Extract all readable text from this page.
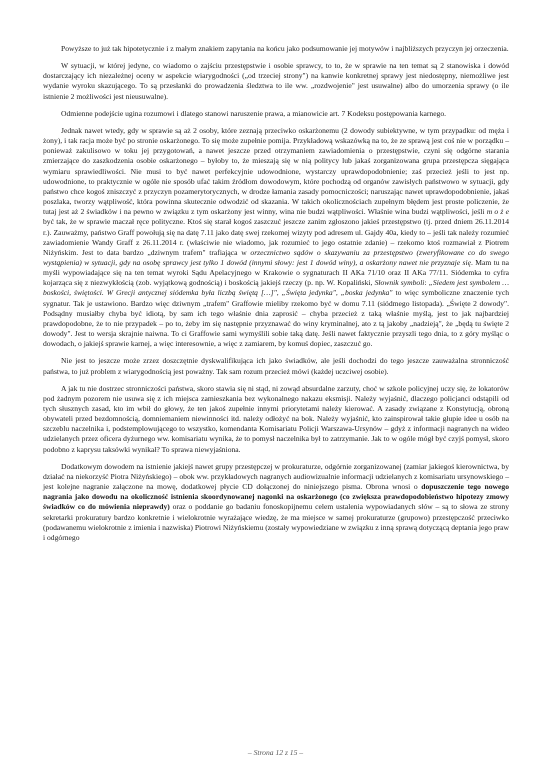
Powyższe to już tak hipotetycznie i z małym znakiem zapytania na końcu jako podsumowanie jej motywów i najbliższych przyczyn jej orzeczenia.

W sytuacji, w której jedyne, co wiadomo o zajściu przestępstwie i osobie sprawcy, to to, że w sprawie na ten temat są 2 stanowiska i dowód dostarczający ich niezależnej oceny w aspekcie wiarygodności („od trzeciej strony") na kanwie konkretnej sprawy jest niedostępny, niemożliwe jest wydanie wyroku skazującego. To są przesłanki do prowadzenia śledztwa to ile ww. „rozdwojenie" jest usuwalne) albo do umorzenia sprawy (o ile istnienie 2 możliwości jest nieusuwalne).

Odmienne podejście ugina rozumowi i dlatego stanowi naruszenie prawa, a mianowicie art. 7 Kodeksu postępowania karnego.

Jednak nawet wtedy, gdy w sprawie są aż 2 osoby, które zeznają przeciwko oskarżonemu (2 dowody subiektywne, w tym przypadku: od męża i żony), i tak racja może być po stronie oskarżonego. To się może zupełnie pomija. Przykładową wskazówką na to, że ze sprawą jest coś nie w porządku – ponieważ zakulisowo w toku jej przygotowań, a nawet jeszcze przed otrzymaniem zawiadomienia o przestępstwie, czyni się odgórne starania zmierzające do zaszkodzenia osobie oskarżonego – byłoby to, że mieszają się w nią politycy lub jakaś zorganizowana grupa przestępcza sięgająca wymiaru sprawiedliwości. Nie musi to być nawet perfekcyjnie udowodnione, wystarczy uprawdopodobnienie; zaś przecież jeśli to jest np. udowodnione, to praktycznie w ogóle nie sposób ufać takim źródłom dowodowym, które pochodzą od organów zawisłych państwowo w sytuacji, gdy państwo chce kogoś zniszczyć z przyczyn pozamerytorycznych, w drodze łamania zasady pomocniczości; naruszając nawet uprawdopodobnienie, jakaś poszlaka, tworzy wątpliwość, która powinna skutecznie odwodzić od skazania. W takich okolicznościach zupełnym błędem jest proste policzenie, że tutaj jest aż 2 świadków i na pewno w związku z tym oskarżony jest winny, wina nie budzi wątpliwości. Właśnie wina budzi wątpliwości, jeśli m o ż e być tak, że w sprawie maczał ręce polityczne. Ktoś się starał kogoś zaszczuć jeszcze zanim zgłoszono jakieś przestępstwo (tj. przed dniem 26.11.2014 r.). Zauważmy, państwo Graff powołują się na datę 7.11 jako datę swej rzekomej wizyty pod adresem ul. Gajdy 40a, kiedy to – jeśli tak należy rozumieć zawiadomienie Wandy Graff z 26.11.2014 r. (właściwie nie wiadomo, jak rozumieć to jego ostatnie zdanie) – rzekomo ktoś rozmawiał z Piotrem Niżyńskim. Jest to data bardzo „dziwnym trafem" trafiająca w orzecznictwo sądów o skazywaniu za przestępstwo (zweryfikowane co do swego wystąpienia) w sytuacji, gdy na osobę sprawcy jest tylko 1 dowód (innymi słowy: jest 1 dowód winy), a oskarżony nawet nie przyznaje się. Mam tu na myśli wypowiadające się na ten temat wyroki Sądu Apelacyjnego w Krakowie o sygnaturach II AKa 71/10 oraz II AKa 77/11. Siódemka to cyfra kojarząca się z niezwykłością (zob. wyjątkową godnością) i boskością jakiejś rzeczy (p. np. W. Kopaliński, Słownik symboli: „Siedem jest symbolem … boskości, świętości. W Grecji antycznej siódemka była liczbą świętą […]", „Święta jedynka", „boska jedynka" to więc symboliczne znaczenie tych sygnatur. Tak je ustawiono. Bardzo więc dziwnym „trafem" Graffowie mieliby rzekomo być w domu 7.11 (siódmego listopada). „Święte 2 dowody". Podsądny musiałby chyba być idiotą, by sam ich tego właśnie dnia zaprosić – chyba przecież z taką właśnie myślą, jest to jak najbardziej prawdopodobne, że to nie przypadek – po to, żeby im się następnie przyznawać do winy kryminalnej, ato z tą jakoby „nadzieją", że „będą tu święte 2 dowody". Jest to wersja skrajnie naiwna. To ci Graffowie sami wymyślili sobie taką datę. Jeśli nawet faktycznie przyszli tego dnia, to z góry myśląc o dowodach, o jakiejś sprawie karnej, a więc interesownie, a więc z zamiarem, by komuś dopiec, zaszczuć go.

Nie jest to jeszcze może zrzez doszczętnie dyskwalifikująca ich jako świadków, ale jeśli dochodzi do tego jeszcze zauważalna stronniczość państwa, to już problem z wiarygodnością jest poważny. Tak sam rozum przecież mówi (każdej uczciwej osobie).

A jak tu nie dostrzec stronniczości państwa, skoro stawia się ni stąd, ni zowąd absurdalne zarzuty, choć w szkole policyjnej uczy się, że lokatorów pod żadnym pozorem nie usuwa się z ich miejsca zamieszkania bez wykonalnego nakazu eksmisji. Należy wyjaśnić, dlaczego policjanci odstąpili od tych słusznych zasad, kto im wbił do głowy, że ten jakoś zupełnie innymi priorytetami należy kierować. A zasady związane z Konstytucją, obroną obywateli przed bezdomnością, domniemaniem niewinności itd. należy odłożyć na bok. Należy wyjaśnić, kto zainspirował takie głupie idee u osób na szczeblu naczelnika i, podstemplowującego to wszystko, komendanta Komisariatu Policji Warszawa-Ursynów – gdyż z informacji nagranych na wideo udzielanych przez oficera dyżurnego ww. komisariatu wynika, że to pomysł naczelnika był to zatrzymanie. Jak to w ogóle mógł być czyjś pomysł, skoro podobno z kaprysu taksówki wynikał? To sprawa niewyjaśniona.

Dodatkowym dowodem na istnienie jakiejś nawet grupy przestępczej w prokuraturze, odgórnie zorganizowanej (zamiar jakiegoś kierownictwa, by działać na niekorzyść Piotra Niżyńskiego) – obok ww. przykładowych nagranych audiowizualnie informacji udzielanych z komisariatu ursynowskiego – jest kolejne nagranie załączone na mowę, dodatkowej płycie CD dołączonej do niniejszego pisma. Obrona wnosi o dopuszczenie tego nowego nagrania jako dowodu na okoliczność istnienia skoordynowanej nagonki na oskarżonego (co zwiększa prawdopodobieństwo hipotezy zmowy świadków co do mówienia nieprawdy) oraz o poddanie go badaniu fonoskopijnemu celem ustalenia wypowiadanych słów – są to słowa ze strony sekretarki prokuratury bardzo konkretnie i wielokrotnie wyrażające wiedzę, że ma miejsce w samej prokuraturze (grupowo) przestępczość przeciwko (podawanemu wielokrotnie z imienia i nazwiska) Piotrowi Niżyńskiemu (zostały wypowiedziane w związku z inną sprawą dotyczącą deptania jego praw i odgórnego

– Strona 12 z 15 –
